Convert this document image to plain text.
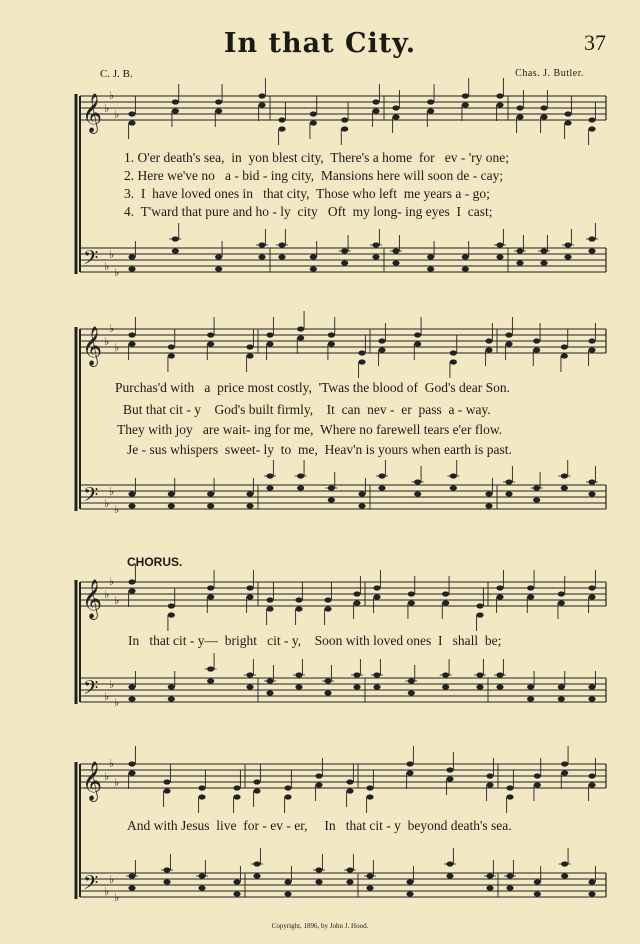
In that City.	37
C. J. B.	Chas. J. Butler.
𝄞
𝄢
♭
♭
♭
♭
♭
♭
𝄞
𝄢
♭
♭
♭
♭
♭
♭
𝄞
𝄢
♭
♭
♭
♭
♭
♭
𝄞
𝄢
♭
♭
♭
♭
♭
♭
1. O'er death's sea,  in  yon blest city,  There's a home  for   ev - 'ry one;
2. Here we've no   a - bid - ing city,  Mansions here will soon de - cay;
3.  I  have loved ones in   that city,  Those who left  me years a - go;
4.  T'ward that pure and ho - ly  city   Oft  my long- ing eyes  I  cast;
Purchas'd with   a  price most costly,  'Twas the blood of  God's dear Son.
But that cit - y    God's built firmly,    It  can  nev -  er  pass  a - way.
They with joy   are wait- ing for me,  Where no farewell tears e'er flow.
Je - sus whispers  sweet- ly  to  me,  Heav'n is yours when earth is past.
CHORUS.
In   that cit - y—  bright   cit - y,    Soon with loved ones  I   shall  be;
And with Jesus  live  for - ev - er,     In   that cit - y  beyond death's sea.
Copyright, 1896, by John J. Hood.
